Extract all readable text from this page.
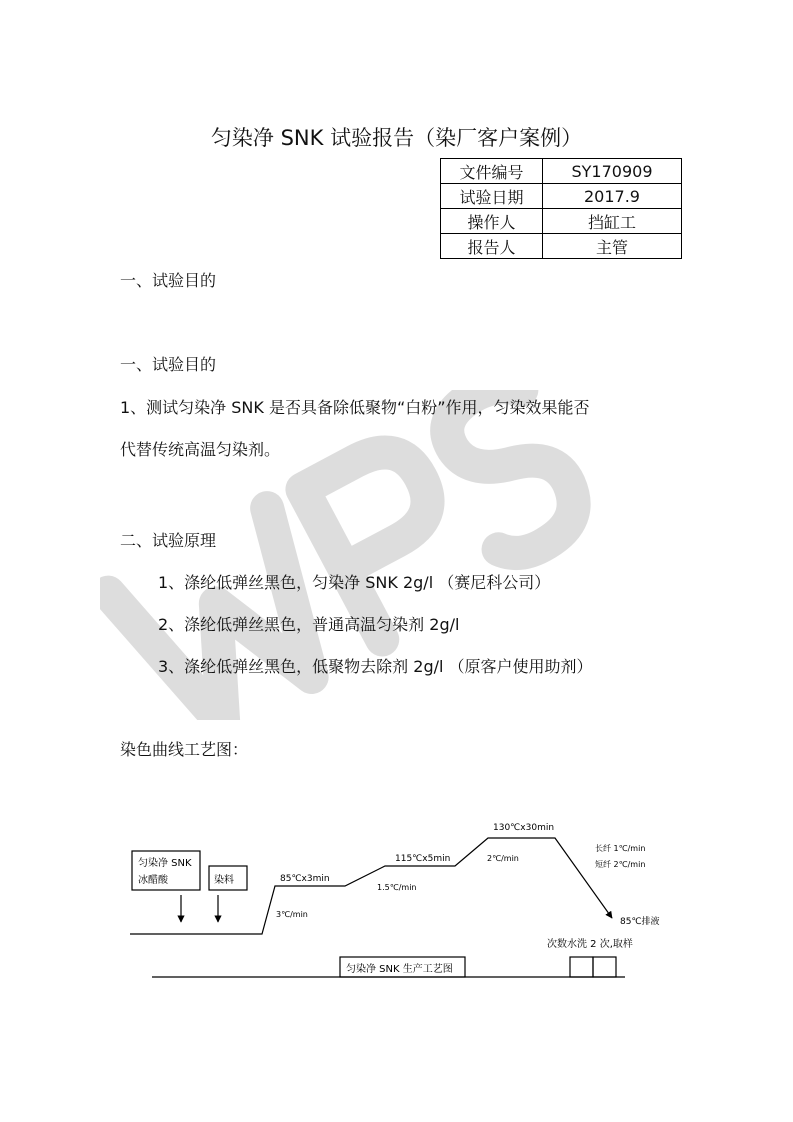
匀染净 SNK 试验报告（染厂客户案例）
文件编号	SY170909
试验日期	2017.9
操作人	挡缸工
报告人	主管
一、试验目的
一、试验目的
1、测试匀染净 SNK 是否具备除低聚物“白粉”作用，匀染效果能否
代替传统高温匀染剂。
二、试验原理
1、涤纶低弹丝黑色，匀染净 SNK 2g/l （赛尼科公司）
2、涤纶低弹丝黑色，普通高温匀染剂 2g/l
3、涤纶低弹丝黑色，低聚物去除剂 2g/l （原客户使用助剂）
染色曲线工艺图：
匀染净 SNK
冰醋酸	染料	85℃x3min
3℃/min
1.5℃/min
115℃x5min	2℃/min
130℃x30min
长纤 1℃/min
短纤 2℃/min
85℃排液
次数水洗 2 次,取样
匀染净 SNK 生产工艺图
